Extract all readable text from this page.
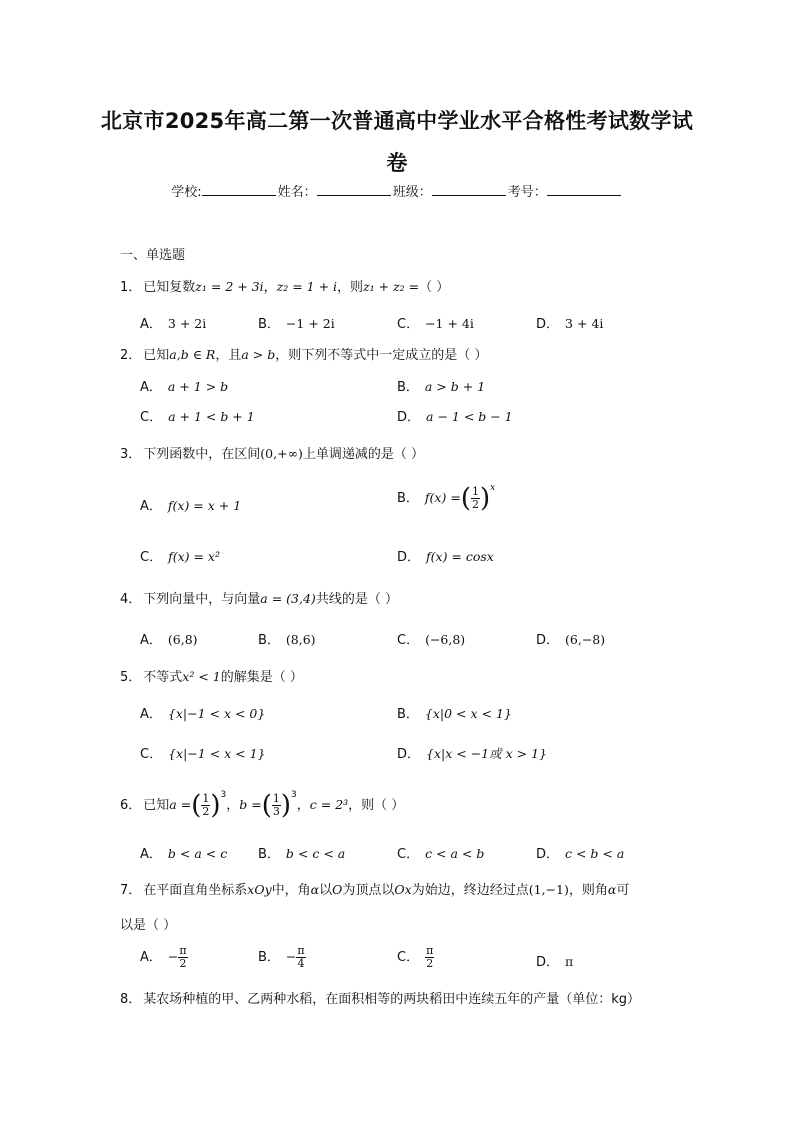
北京市2025年高二第一次普通高中学业水平合格性考试数学试
卷
学校:	姓名：	班级：	考号：
一、单选题
1． 已知复数z₁ = 2 + 3i，z₂ = 1 + i，则z₁ + z₂ =（ ）
A． 3 + 2i	B． −1 + 2i	C． −1 + 4i	D． 3 + 4i
2． 已知a,b ∈ R，且a > b，则下列不等式中一定成立的是（ ）
A． a + 1 > b	B． a > b + 1
C． a + 1 < b + 1	D． a − 1 < b − 1
3． 下列函数中，在区间(0,+∞)上单调递减的是（ ）
A． f(x) = x + 1	B． f(x) =( $\frac{1}{2} )^x$
C． f(x) = x²	D． f(x) = cosx
4． 下列向量中，与向量a = (3,4)共线的是（ ）
A． (6,8)	B． (8,6)	C． (−6,8)	D． (6,−8)
5． 不等式x² < 1的解集是（ ）
A． {x|−1 < x < 0}	B． {x|0 < x < 1}
C． {x|−1 < x < 1}	D． {x|x < −1或 x > 1}
6． 已知a =( $\frac{1}{2} )^3$，b =( $\frac{1}{3} )^3$，c = 2³，则（ ）
A． b < a < c B． b < c < a	C． c < a < b	D． c < b < a
7． 在平面直角坐标系xOy中，角α以O为顶点以Ox为始边，终边经过点(1,−1)，则角α可
以是（ ）
A． − $\frac{\pi}{2}$	B． − $\frac{\pi}{4}$	C． $\frac{\pi}{2}$	D． π
8． 某农场种植的甲、乙两种水稻，在面积相等的两块稻田中连续五年的产量（单位：kg）
